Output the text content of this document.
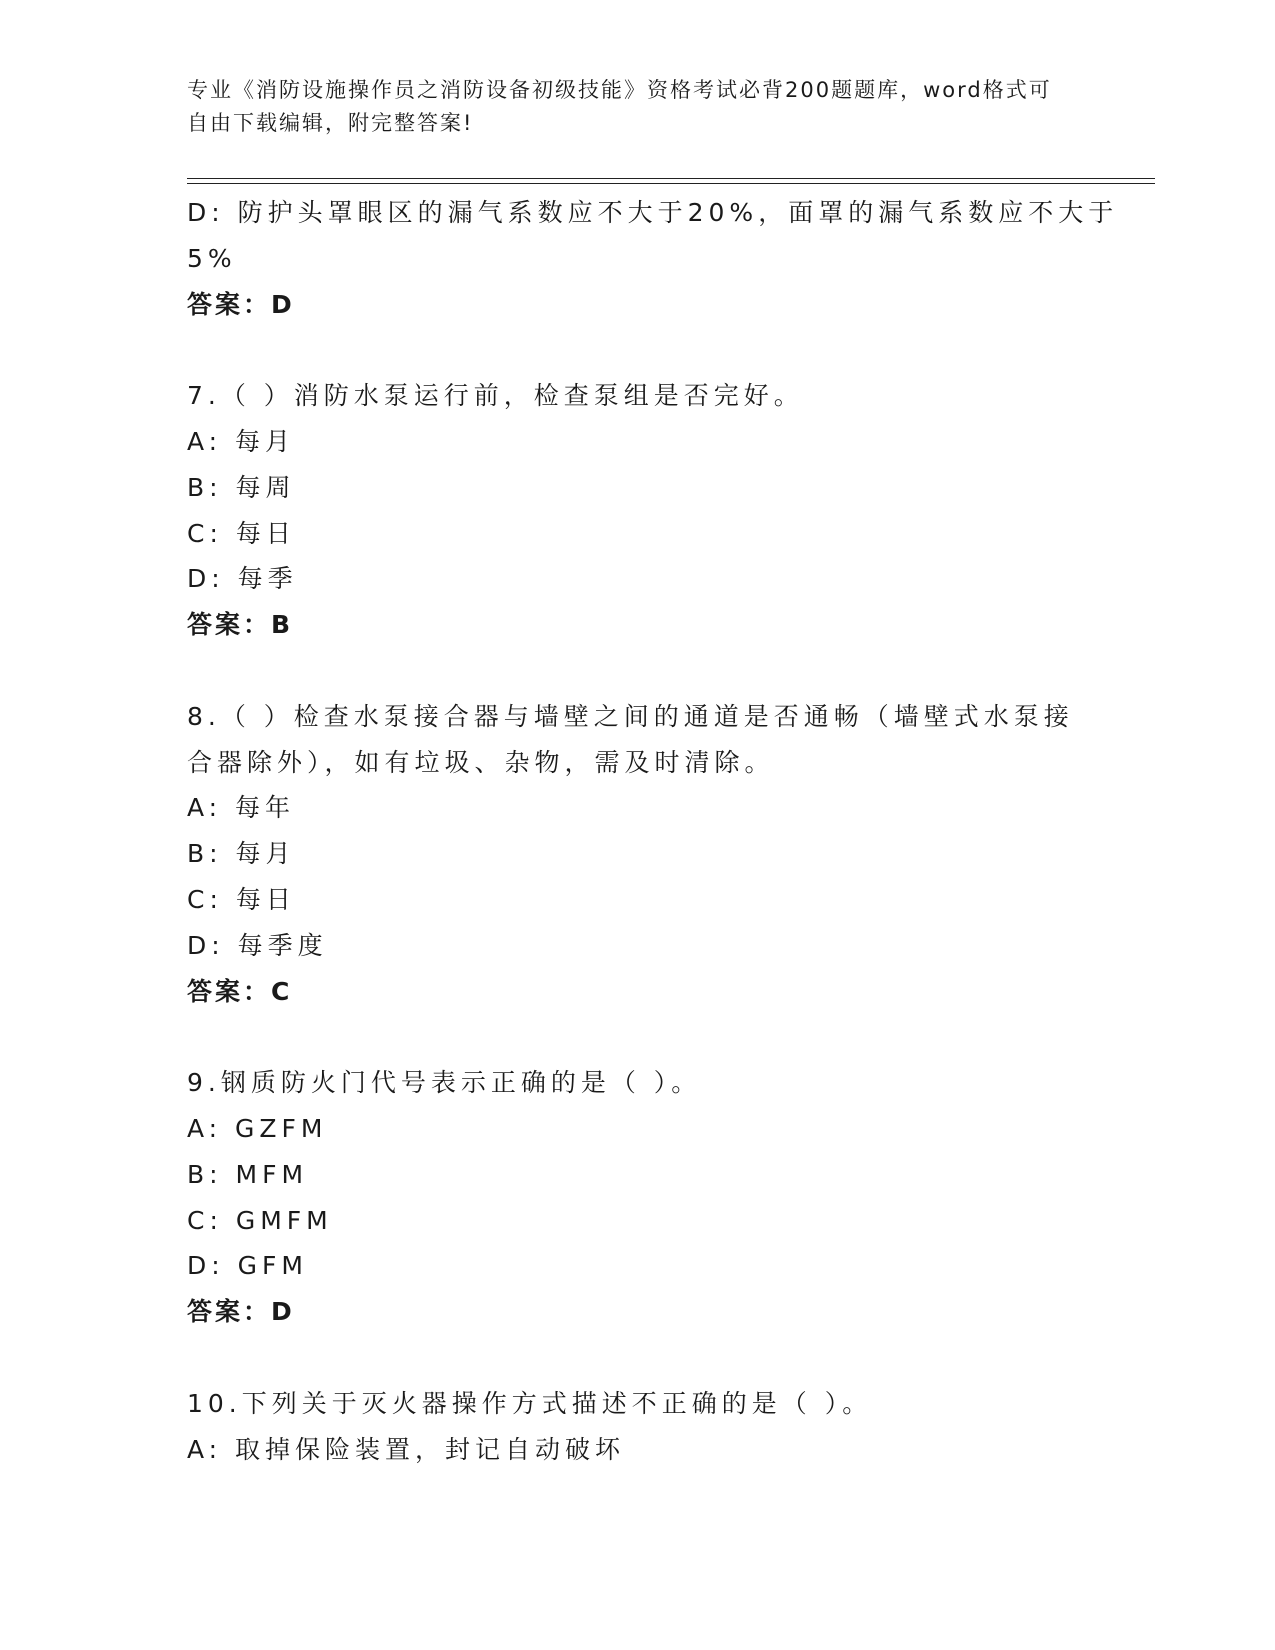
专业《消防设施操作员之消防设备初级技能》资格考试必背200题题库，word格式可自由下载编辑，附完整答案!
D: 防护头罩眼区的漏气系数应不大于20%，面罩的漏气系数应不大于
5%
答案：D
7.（ ）消防水泵运行前，检查泵组是否完好。
A: 每月
B: 每周
C: 每日
D: 每季
答案：B
8.（ ）检查水泵接合器与墙壁之间的通道是否通畅（墙壁式水泵接
合器除外），如有垃圾、杂物，需及时清除。
A: 每年
B: 每月
C: 每日
D: 每季度
答案：C
9.钢质防火门代号表示正确的是（ ）。
A: GZFM
B: MFM
C: GMFM
D: GFM
答案：D
10.下列关于灭火器操作方式描述不正确的是（ ）。
A: 取掉保险装置，封记自动破坏
